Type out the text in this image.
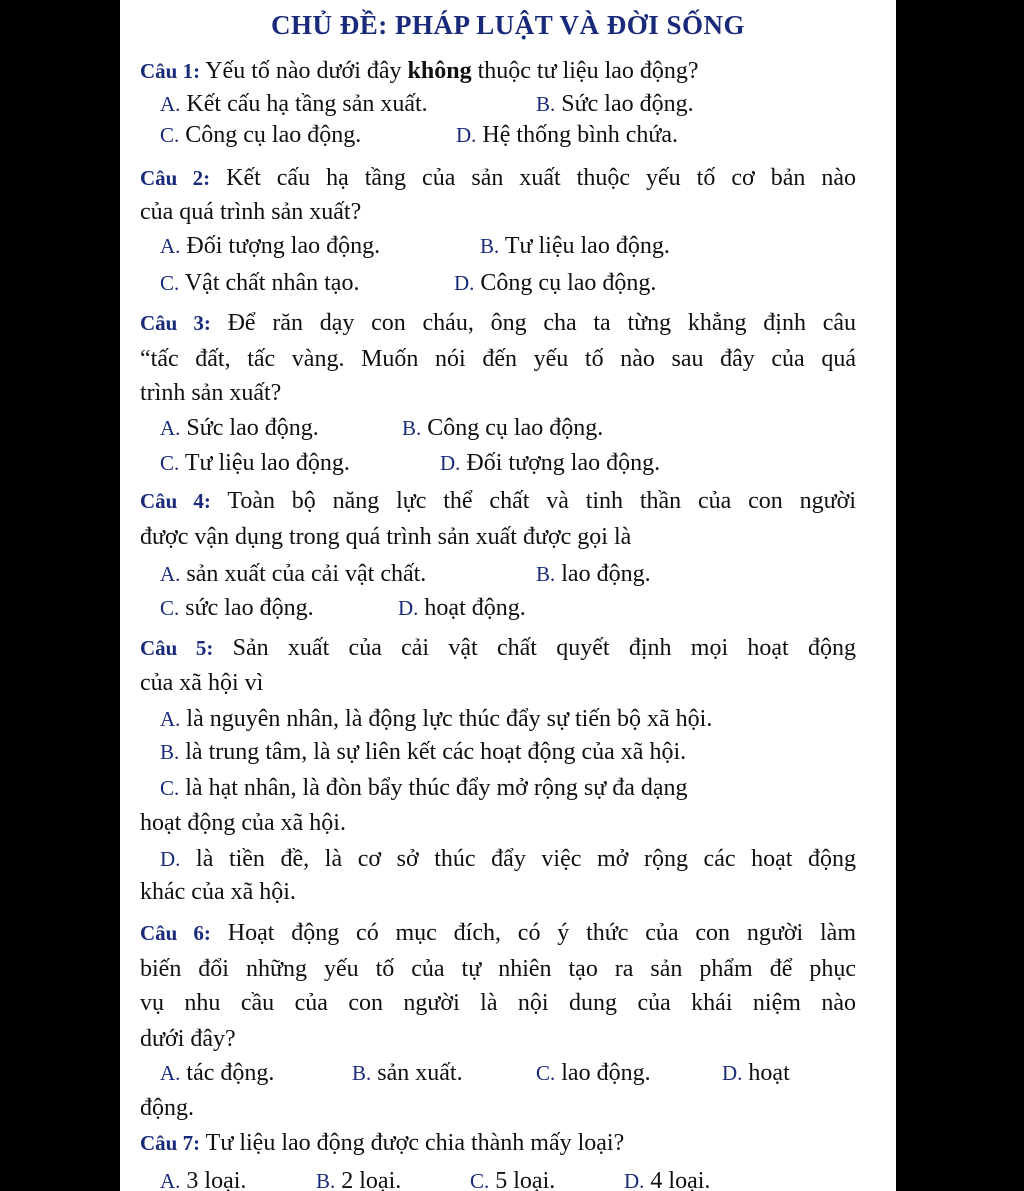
CHỦ ĐỀ: PHÁP LUẬT VÀ ĐỜI SỐNG
Câu 1: Yếu tố nào dưới đây không thuộc tư liệu lao động?
A. Kết cấu hạ tầng sản xuất.	B. Sức lao động.
C. Công cụ lao động.	D. Hệ thống bình chứa.
Câu 2: Kết cấu hạ tầng của sản xuất thuộc yếu tố cơ bản nào
của quá trình sản xuất?
A. Đối tượng lao động.	B. Tư liệu lao động.
C. Vật chất nhân tạo.	D. Công cụ lao động.
Câu 3: Để răn dạy con cháu, ông cha ta từng khẳng định câu
“tấc đất, tấc vàng. Muốn nói đến yếu tố nào sau đây của quá
trình sản xuất?
A. Sức lao động.	B. Công cụ lao động.
C. Tư liệu lao động.	D. Đối tượng lao động.
Câu 4: Toàn bộ năng lực thể chất và tinh thần của con người
được vận dụng trong quá trình sản xuất được gọi là
A. sản xuất của cải vật chất.	B. lao động.
C. sức lao động.	D. hoạt động.
Câu 5: Sản xuất của cải vật chất quyết định mọi hoạt động
của xã hội vì
A. là nguyên nhân, là động lực thúc đẩy sự tiến bộ xã hội.
B. là trung tâm, là sự liên kết các hoạt động của xã hội.
C. là hạt nhân, là đòn bẩy thúc đẩy mở rộng sự đa dạng
hoạt động của xã hội.
D. là tiền đề, là cơ sở thúc đẩy việc mở rộng các hoạt động
khác của xã hội.
Câu 6: Hoạt động có mục đích, có ý thức của con người làm
biến đổi những yếu tố của tự nhiên tạo ra sản phẩm để phục
vụ nhu cầu của con người là nội dung của khái niệm nào
dưới đây?
A. tác động.	B. sản xuất.	C. lao động.	D. hoạt
động.
Câu 7: Tư liệu lao động được chia thành mấy loại?
A. 3 loại.	B. 2 loại.	C. 5 loại.	D. 4 loại.
